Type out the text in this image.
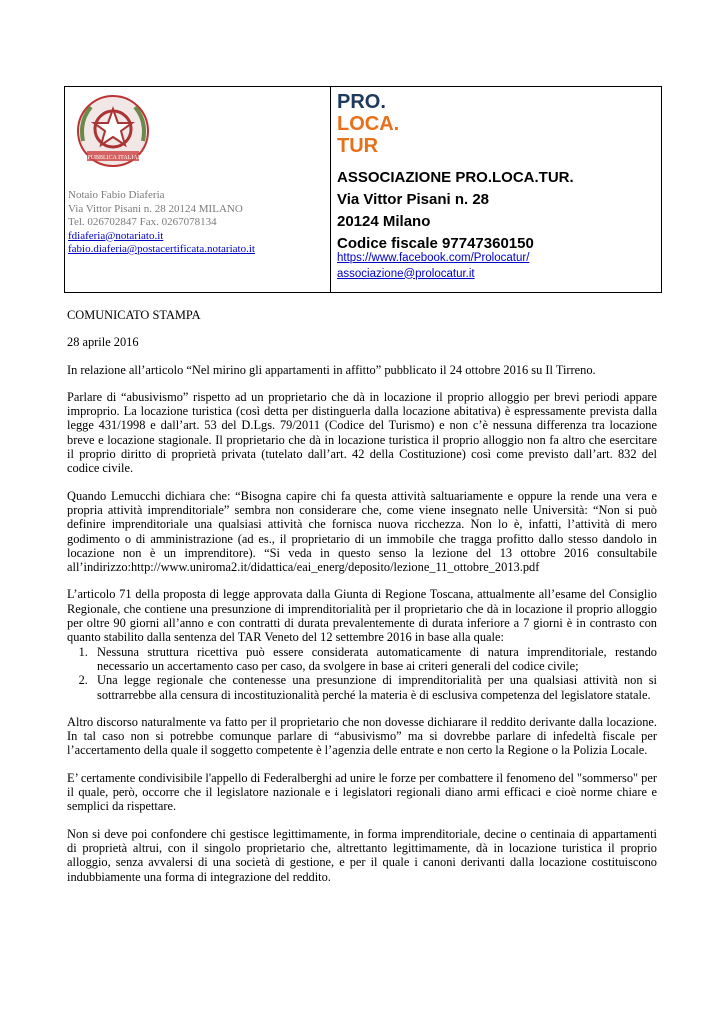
REPUBBLICA ITALIANA
Notaio Fabio Diaferia
Via Vittor Pisani n. 28 20124 MILANO
Tel. 026702847 Fax. 0267078134
fdiaferia@notariato.it
fabio.diaferia@postacertificata.notariato.it
PRO.
LOCA.
TUR
ASSOCIAZIONE PRO.LOCA.TUR.
Via Vittor Pisani n. 28
20124 Milano
Codice fiscale 97747360150
https://www.facebook.com/Prolocatur/
associazione@prolocatur.it

COMUNICATO STAMPA

28 aprile 2016

In relazione all’articolo “Nel mirino gli appartamenti in affitto” pubblicato il 24 ottobre 2016 su Il Tirreno.

Parlare di “abusivismo” rispetto ad un proprietario che dà in locazione il proprio alloggio per brevi periodi appare improprio. La locazione turistica (così detta per distinguerla dalla locazione abitativa) è espressamente prevista dalla legge 431/1998 e dall’art. 53 del D.Lgs. 79/2011 (Codice del Turismo) e non c’è nessuna differenza tra locazione breve e locazione stagionale. Il proprietario che dà in locazione turistica il proprio alloggio non fa altro che esercitare il proprio diritto di proprietà privata (tutelato dall’art. 42 della Costituzione) così come previsto dall’art. 832 del codice civile.

Quando Lemucchi dichiara che: “Bisogna capire chi fa questa attività saltuariamente e oppure la rende una vera e propria attività imprenditoriale” sembra non considerare che, come viene insegnato nelle Università: “Non si può definire imprenditoriale una qualsiasi attività che fornisca nuova ricchezza. Non lo è, infatti, l’attività di mero godimento o di amministrazione (ad es., il proprietario di un immobile che tragga profitto dallo stesso dandolo in locazione non è un imprenditore). “Si veda in questo senso la lezione del 13 ottobre 2016 consultabile all’indirizzo:http://www.uniroma2.it/didattica/eai_energ/deposito/lezione_11_ottobre_2013.pdf

L’articolo 71 della proposta di legge approvata dalla Giunta di Regione Toscana, attualmente all’esame del Consiglio Regionale, che contiene una presunzione di imprenditorialità per il proprietario che dà in locazione il proprio alloggio per oltre 90 giorni all’anno e con contratti di durata prevalentemente di durata inferiore a 7 giorni è in contrasto con quanto stabilito dalla sentenza del TAR Veneto del 12 settembre 2016 in base alla quale:

1. Nessuna struttura ricettiva può essere considerata automaticamente di natura imprenditoriale, restando necessario un accertamento caso per caso, da svolgere in base ai criteri generali del codice civile;
2. Una legge regionale che contenesse una presunzione di imprenditorialità per una qualsiasi attività non si sottrarrebbe alla censura di incostituzionalità perché la materia è di esclusiva competenza del legislatore statale.

Altro discorso naturalmente va fatto per il proprietario che non dovesse dichiarare il reddito derivante dalla locazione. In tal caso non si potrebbe comunque parlare di “abusivismo” ma si dovrebbe parlare di infedeltà fiscale per l’accertamento della quale il soggetto competente è l’agenzia delle entrate e non certo la Regione o la Polizia Locale.

E’ certamente condivisibile l'appello di Federalberghi ad unire le forze per combattere il fenomeno del "sommerso" per il quale, però, occorre che il legislatore nazionale e i legislatori regionali diano armi efficaci e cioè norme chiare e semplici da rispettare.

Non si deve poi confondere chi gestisce legittimamente, in forma imprenditoriale, decine o centinaia di appartamenti di proprietà altrui, con il singolo proprietario che, altrettanto legittimamente, dà in locazione turistica il proprio alloggio, senza avvalersi di una società di gestione, e per il quale i canoni derivanti dalla locazione costituiscono indubbiamente una forma di integrazione del reddito.
